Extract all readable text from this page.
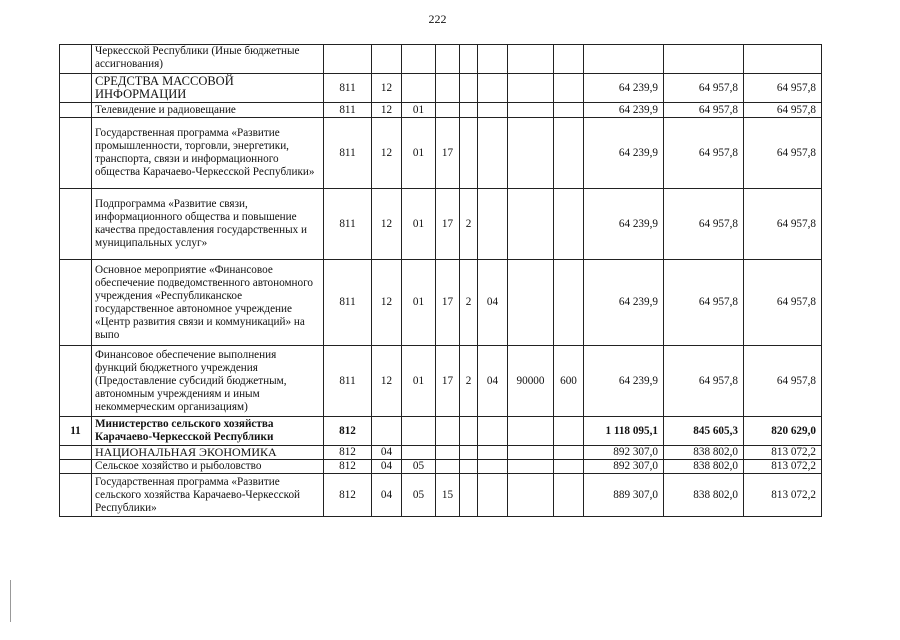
222
	Черкесской Республики (Иные бюджетные ассигнования)											
	СРЕДСТВА МАССОВОЙ ИНФОРМАЦИИ	811	12							64 239,9	64 957,8	64 957,8
	Телевидение и радиовещание	811	12	01						64 239,9	64 957,8	64 957,8
	Государственная программа «Развитие промышленности, торговли, энергетики, транспорта, связи и информационного общества Карачаево-Черкесской Республики»	811	12	01	17					64 239,9	64 957,8	64 957,8
	Подпрограмма «Развитие связи, информационного общества и повышение качества предоставления государственных и муниципальных услуг»	811	12	01	17	2				64 239,9	64 957,8	64 957,8
	Основное мероприятие «Финансовое обеспечение подведомственного автономного учреждения «Республиканское государственное автономное учреждение «Центр развития связи и коммуникаций» на выпо	811	12	01	17	2	04			64 239,9	64 957,8	64 957,8
	Финансовое обеспечение выполнения функций бюджетного учреждения (Предоставление субсидий бюджетным, автономным учреждениям и иным некоммерческим организациям)	811	12	01	17	2	04	90000	600	64 239,9	64 957,8	64 957,8
11	Министерство сельского хозяйства Карачаево-Черкесской Республики	812								1 118 095,1	845 605,3	820 629,0
	НАЦИОНАЛЬНАЯ ЭКОНОМИКА	812	04							892 307,0	838 802,0	813 072,2
	Сельское хозяйство и рыболовство	812	04	05						892 307,0	838 802,0	813 072,2
	Государственная программа «Развитие сельского хозяйства Карачаево-Черкесской Республики»	812	04	05	15					889 307,0	838 802,0	813 072,2
